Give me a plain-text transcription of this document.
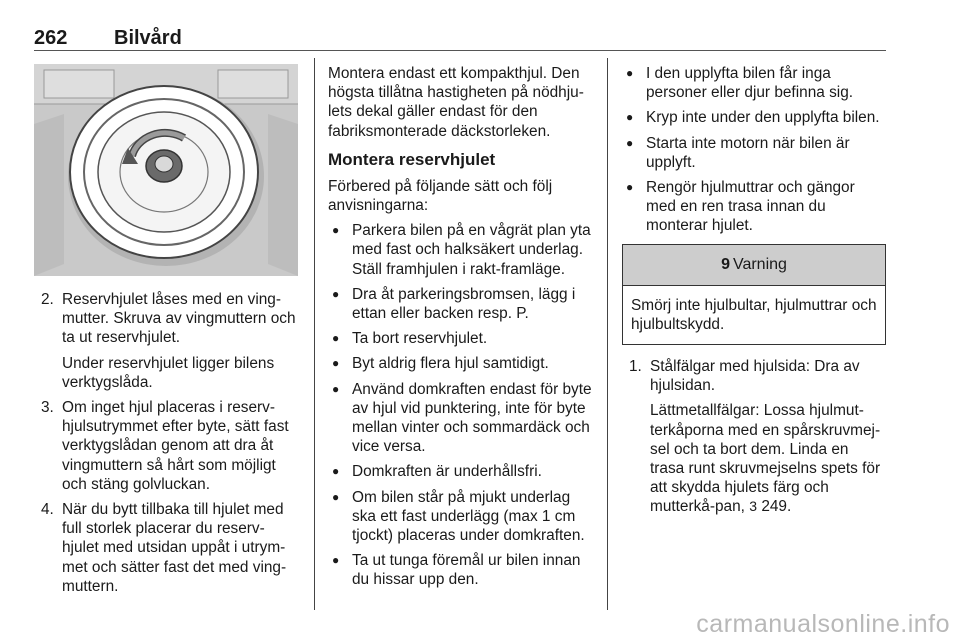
262 Bilvård
2. Reservhjulet låses med en ving-mutter. Skruva av vingmuttern och ta ut reservhjulet.

Under reservhjulet ligger bilens verktygslåda.

3. Om inget hjul placeras i reserv-hjulsutrymmet efter byte, sätt fast verktygslådan genom att dra åt vingmuttern så hårt som möjligt och stäng golvluckan.

4. När du bytt tillbaka till hjulet med full storlek placerar du reserv-hjulet med utsidan uppåt i utrym-met och sätter fast det med ving-muttern.

Montera endast ett kompakthjul. Den högsta tillåtna hastigheten på nödhju-lets dekal gäller endast för den fabriksmonterade däckstorleken.

Montera reservhjulet

Förbered på följande sätt och följ anvisningarna:

● Parkera bilen på en vågrät plan yta med fast och halksäkert underlag. Ställ framhjulen i rakt-framläge.
● Dra åt parkeringsbromsen, lägg i ettan eller backen resp. P.
● Ta bort reservhjulet.
● Byt aldrig flera hjul samtidigt.
● Använd domkraften endast för byte av hjul vid punktering, inte för byte mellan vinter och sommardäck och vice versa.
● Domkraften är underhållsfri.
● Om bilen står på mjukt underlag ska ett fast underlägg (max 1 cm tjockt) placeras under domkraften.
● Ta ut tunga föremål ur bilen innan du hissar upp den.
● I den upplyfta bilen får inga personer eller djur befinna sig.
● Kryp inte under den upplyfta bilen.
● Starta inte motorn när bilen är upplyft.
● Rengör hjulmuttrar och gängor med en ren trasa innan du monterar hjulet.
9 Varning
Smörj inte hjulbultar, hjulmuttrar och hjulbultskydd.
1. Stålfälgar med hjulsida: Dra av hjulsidan.

Lättmetallfälgar: Lossa hjulmut-terkåporna med en spårskruvmej-sel och ta bort dem. Linda en trasa runt skruvmejselns spets för att skydda hjulets färg och mutterkå-pan, 3 249.

carmanualsonline.info
